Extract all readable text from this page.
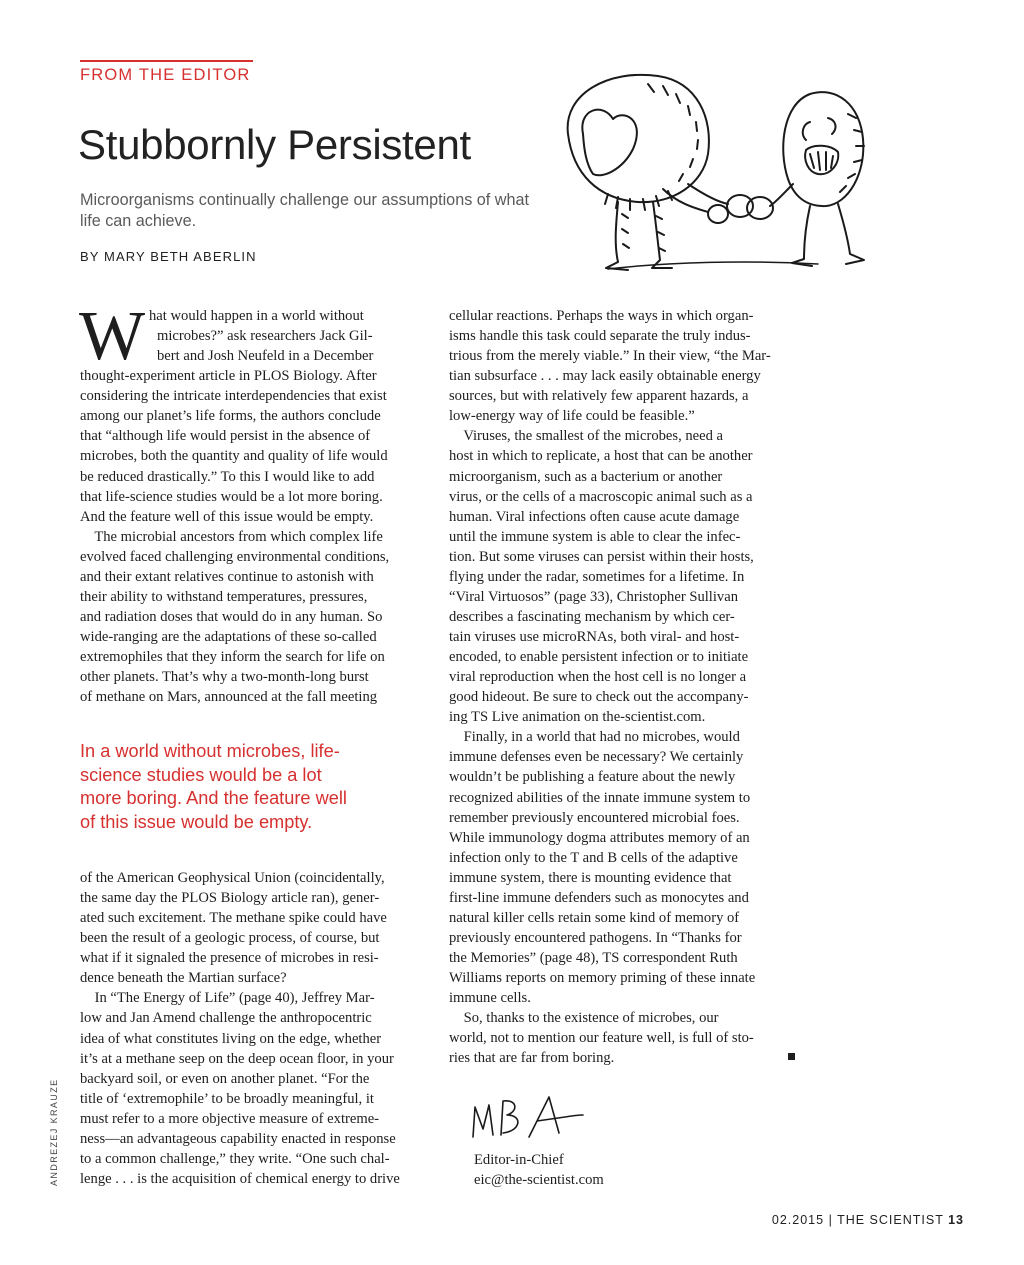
FROM THE EDITOR
Stubbornly Persistent
Microorganisms continually challenge our assumptions of what life can achieve.
BY MARY BETH ABERLIN
W hat would happen in a world without

microbes?” ask researchers Jack Gil-

bert and Josh Neufeld in a December

thought-experiment article in PLOS Biology. After

considering the intricate interdependencies that exist

among our planet’s life forms, the authors conclude

that “although life would persist in the absence of

microbes, both the quantity and quality of life would

be reduced drastically.” To this I would like to add

that life-science studies would be a lot more boring.

And the feature well of this issue would be empty.

The microbial ancestors from which complex life

evolved faced challenging environmental conditions,

and their extant relatives continue to astonish with

their ability to withstand temperatures, pressures,

and radiation doses that would do in any human. So

wide-ranging are the adaptations of these so-called

extremophiles that they inform the search for life on

other planets. That’s why a two-month-long burst

of methane on Mars, announced at the fall meeting

In a world without microbes, life-
science studies would be a lot
more boring. And the feature well
of this issue would be empty.

of the American Geophysical Union (coincidentally,

the same day the PLOS Biology article ran), gener-

ated such excitement. The methane spike could have

been the result of a geologic process, of course, but

what if it signaled the presence of microbes in resi-

dence beneath the Martian surface?

In “The Energy of Life” (page 40), Jeffrey Mar-

low and Jan Amend challenge the anthropocentric

idea of what constitutes living on the edge, whether

it’s at a methane seep on the deep ocean floor, in your

backyard soil, or even on another planet. “For the

title of ‘extremophile’ to be broadly meaningful, it

must refer to a more objective measure of extreme-

ness—an advantageous capability enacted in response

to a common challenge,” they write. “One such chal-

lenge . . . is the acquisition of chemical energy to drive

cellular reactions. Perhaps the ways in which organ-

isms handle this task could separate the truly indus-

trious from the merely viable.” In their view, “the Mar-

tian subsurface . . . may lack easily obtainable energy

sources, but with relatively few apparent hazards, a

low-energy way of life could be feasible.”

Viruses, the smallest of the microbes, need a

host in which to replicate, a host that can be another

microorganism, such as a bacterium or another

virus, or the cells of a macroscopic animal such as a

human. Viral infections often cause acute damage

until the immune system is able to clear the infec-

tion. But some viruses can persist within their hosts,

flying under the radar, sometimes for a lifetime. In

“Viral Virtuosos” (page 33), Christopher Sullivan

describes a fascinating mechanism by which cer-

tain viruses use microRNAs, both viral- and host-

encoded, to enable persistent infection or to initiate

viral reproduction when the host cell is no longer a

good hideout. Be sure to check out the accompany-

ing TS Live animation on the-scientist.com.

Finally, in a world that had no microbes, would

immune defenses even be necessary? We certainly

wouldn’t be publishing a feature about the newly

recognized abilities of the innate immune system to

remember previously encountered microbial foes.

While immunology dogma attributes memory of an

infection only to the T and B cells of the adaptive

immune system, there is mounting evidence that

first-line immune defenders such as monocytes and

natural killer cells retain some kind of memory of

previously encountered pathogens. In “Thanks for

the Memories” (page 48), TS correspondent Ruth

Williams reports on memory priming of these innate

immune cells.

So, thanks to the existence of microbes, our

world, not to mention our feature well, is full of sto-

ries that are far from boring.

Editor-in-Chief
eic@the-scientist.com
ANDREZEJ KRAUZE
02.2015 | THE SCIENTIST 13
